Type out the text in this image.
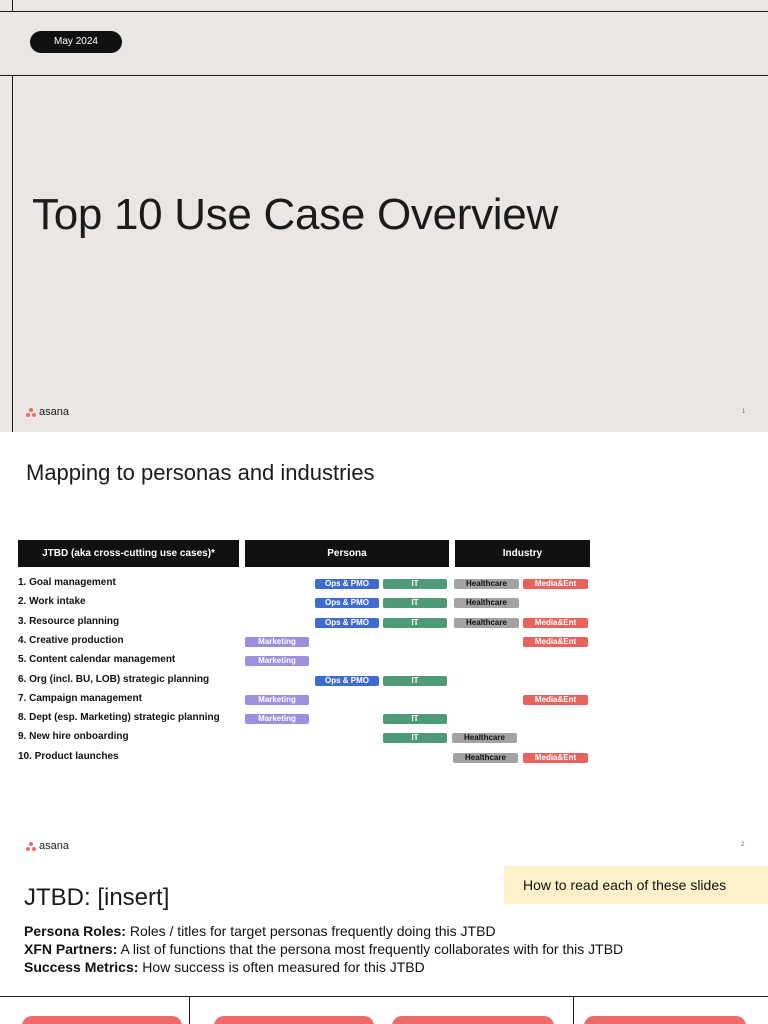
May 2024
Top 10 Use Case Overview
asana	1
Mapping to personas and industries
JTBD (aka cross-cutting use cases)*	Persona	Industry
1. Goal management	Ops & PMO	IT	Healthcare	Media&Ent
2. Work intake	Ops & PMO	IT	Healthcare
3. Resource planning	Ops & PMO	IT	Healthcare	Media&Ent
4. Creative production	Marketing	Media&Ent
5. Content calendar management	Marketing
6. Org (incl. BU, LOB) strategic planning	Ops & PMO	IT
7. Campaign management	Marketing	Media&Ent
8. Dept (esp. Marketing) strategic planning	Marketing	IT
9. New hire onboarding	IT	Healthcare
10. Product launches	Healthcare	Media&Ent
asana	2
JTBD: [insert]	How to read each of these slides
Persona Roles: Roles / titles for target personas frequently doing this JTBD
XFN Partners: A list of functions that the persona most frequently collaborates with for this JTBD
Success Metrics: How success is often measured for this JTBD
